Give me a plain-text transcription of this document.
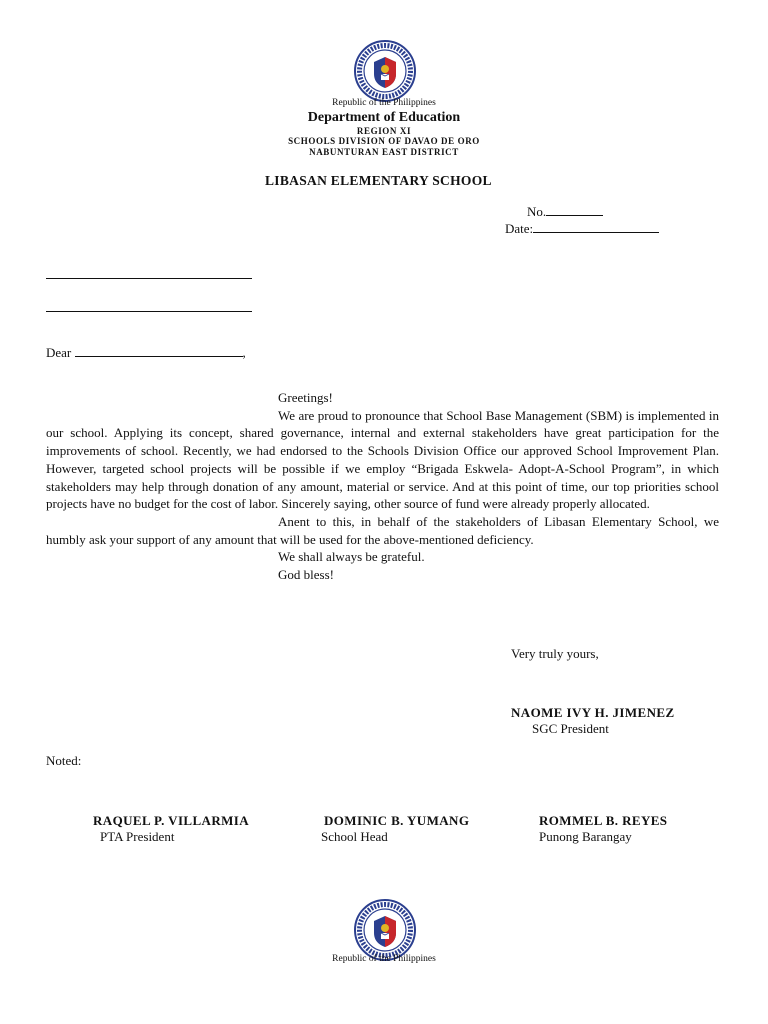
Republic of the Philippines
Department of Education
REGION XI
SCHOOLS DIVISION OF DAVAO DE ORO
NABUNTURAN EAST DISTRICT
LIBASAN ELEMENTARY SCHOOL
No.
Date:
Dear	,

Greetings!

We are proud to pronounce that School Base Management (SBM) is implemented in our school. Applying its concept, shared governance, internal and external stakeholders have great participation for the improvements of school. Recently, we had endorsed to the Schools Division Office our approved School Improvement Plan. However, targeted school projects will be possible if we employ “Brigada Eskwela- Adopt-A-School Program”, in which stakeholders may help through donation of any amount, material or service. And at this point of time, our top priorities school projects have no budget for the cost of labor. Sincerely saying, other source of fund were already properly allocated.

Anent to this, in behalf of the stakeholders of Libasan Elementary School, we humbly ask your support of any amount that will be used for the above-mentioned deficiency.

We shall always be grateful.

God bless!

Very truly yours,
NAOME IVY H. JIMENEZ
SGC President
Noted:
RAQUEL P. VILLARMIA
PTA President
DOMINIC B. YUMANG
School Head
ROMMEL B. REYES
Punong Barangay
Republic of the Philippines
